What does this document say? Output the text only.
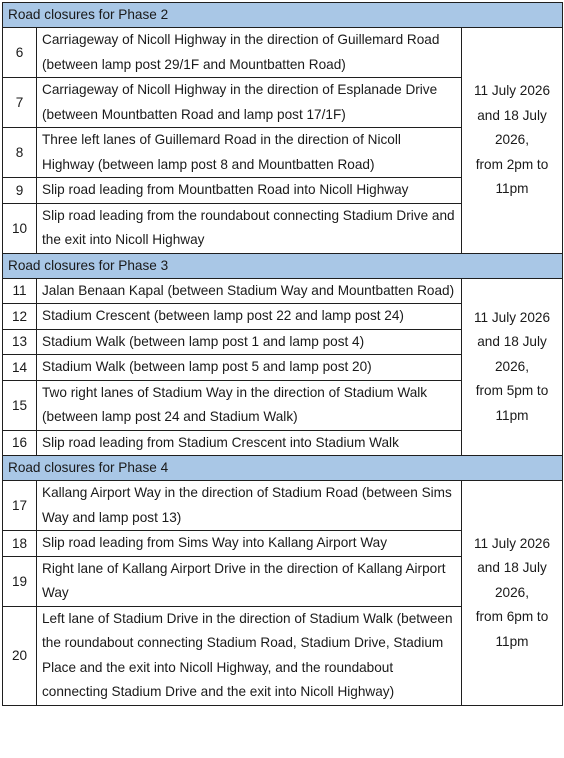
Road closures for Phase 2		
6	Carriageway of Nicoll Highway in the direction of Guillemard Road (between lamp post 29/1F and Mountbatten Road)	11 July 2026
and 18 July
2026,
from 2pm to
11pm
7	Carriageway of Nicoll Highway in the direction of Esplanade Drive (between Mountbatten Road and lamp post 17/1F)	
8	Three left lanes of Guillemard Road in the direction of Nicoll Highway (between lamp post 8 and Mountbatten Road)	
9	Slip road leading from Mountbatten Road into Nicoll Highway	
10	Slip road leading from the roundabout connecting Stadium Drive and the exit into Nicoll Highway	
Road closures for Phase 3		
11	Jalan Benaan Kapal (between Stadium Way and Mountbatten Road)	11 July 2026
and 18 July
2026,
from 5pm to
11pm
12	Stadium Crescent (between lamp post 22 and lamp post 24)	
13	Stadium Walk (between lamp post 1 and lamp post 4)	
14	Stadium Walk (between lamp post 5 and lamp post 20)	
15	Two right lanes of Stadium Way in the direction of Stadium Walk (between lamp post 24 and Stadium Walk)	
16	Slip road leading from Stadium Crescent into Stadium Walk	
Road closures for Phase 4		
17	Kallang Airport Way in the direction of Stadium Road (between Sims Way and lamp post 13)	11 July 2026
and 18 July
2026,
from 6pm to
11pm
18	Slip road leading from Sims Way into Kallang Airport Way	
19	Right lane of Kallang Airport Drive in the direction of Kallang Airport Way	
20	Left lane of Stadium Drive in the direction of Stadium Walk (between the roundabout connecting Stadium Road, Stadium Drive, Stadium Place and the exit into Nicoll Highway, and the roundabout connecting Stadium Drive and the exit into Nicoll Highway)	
